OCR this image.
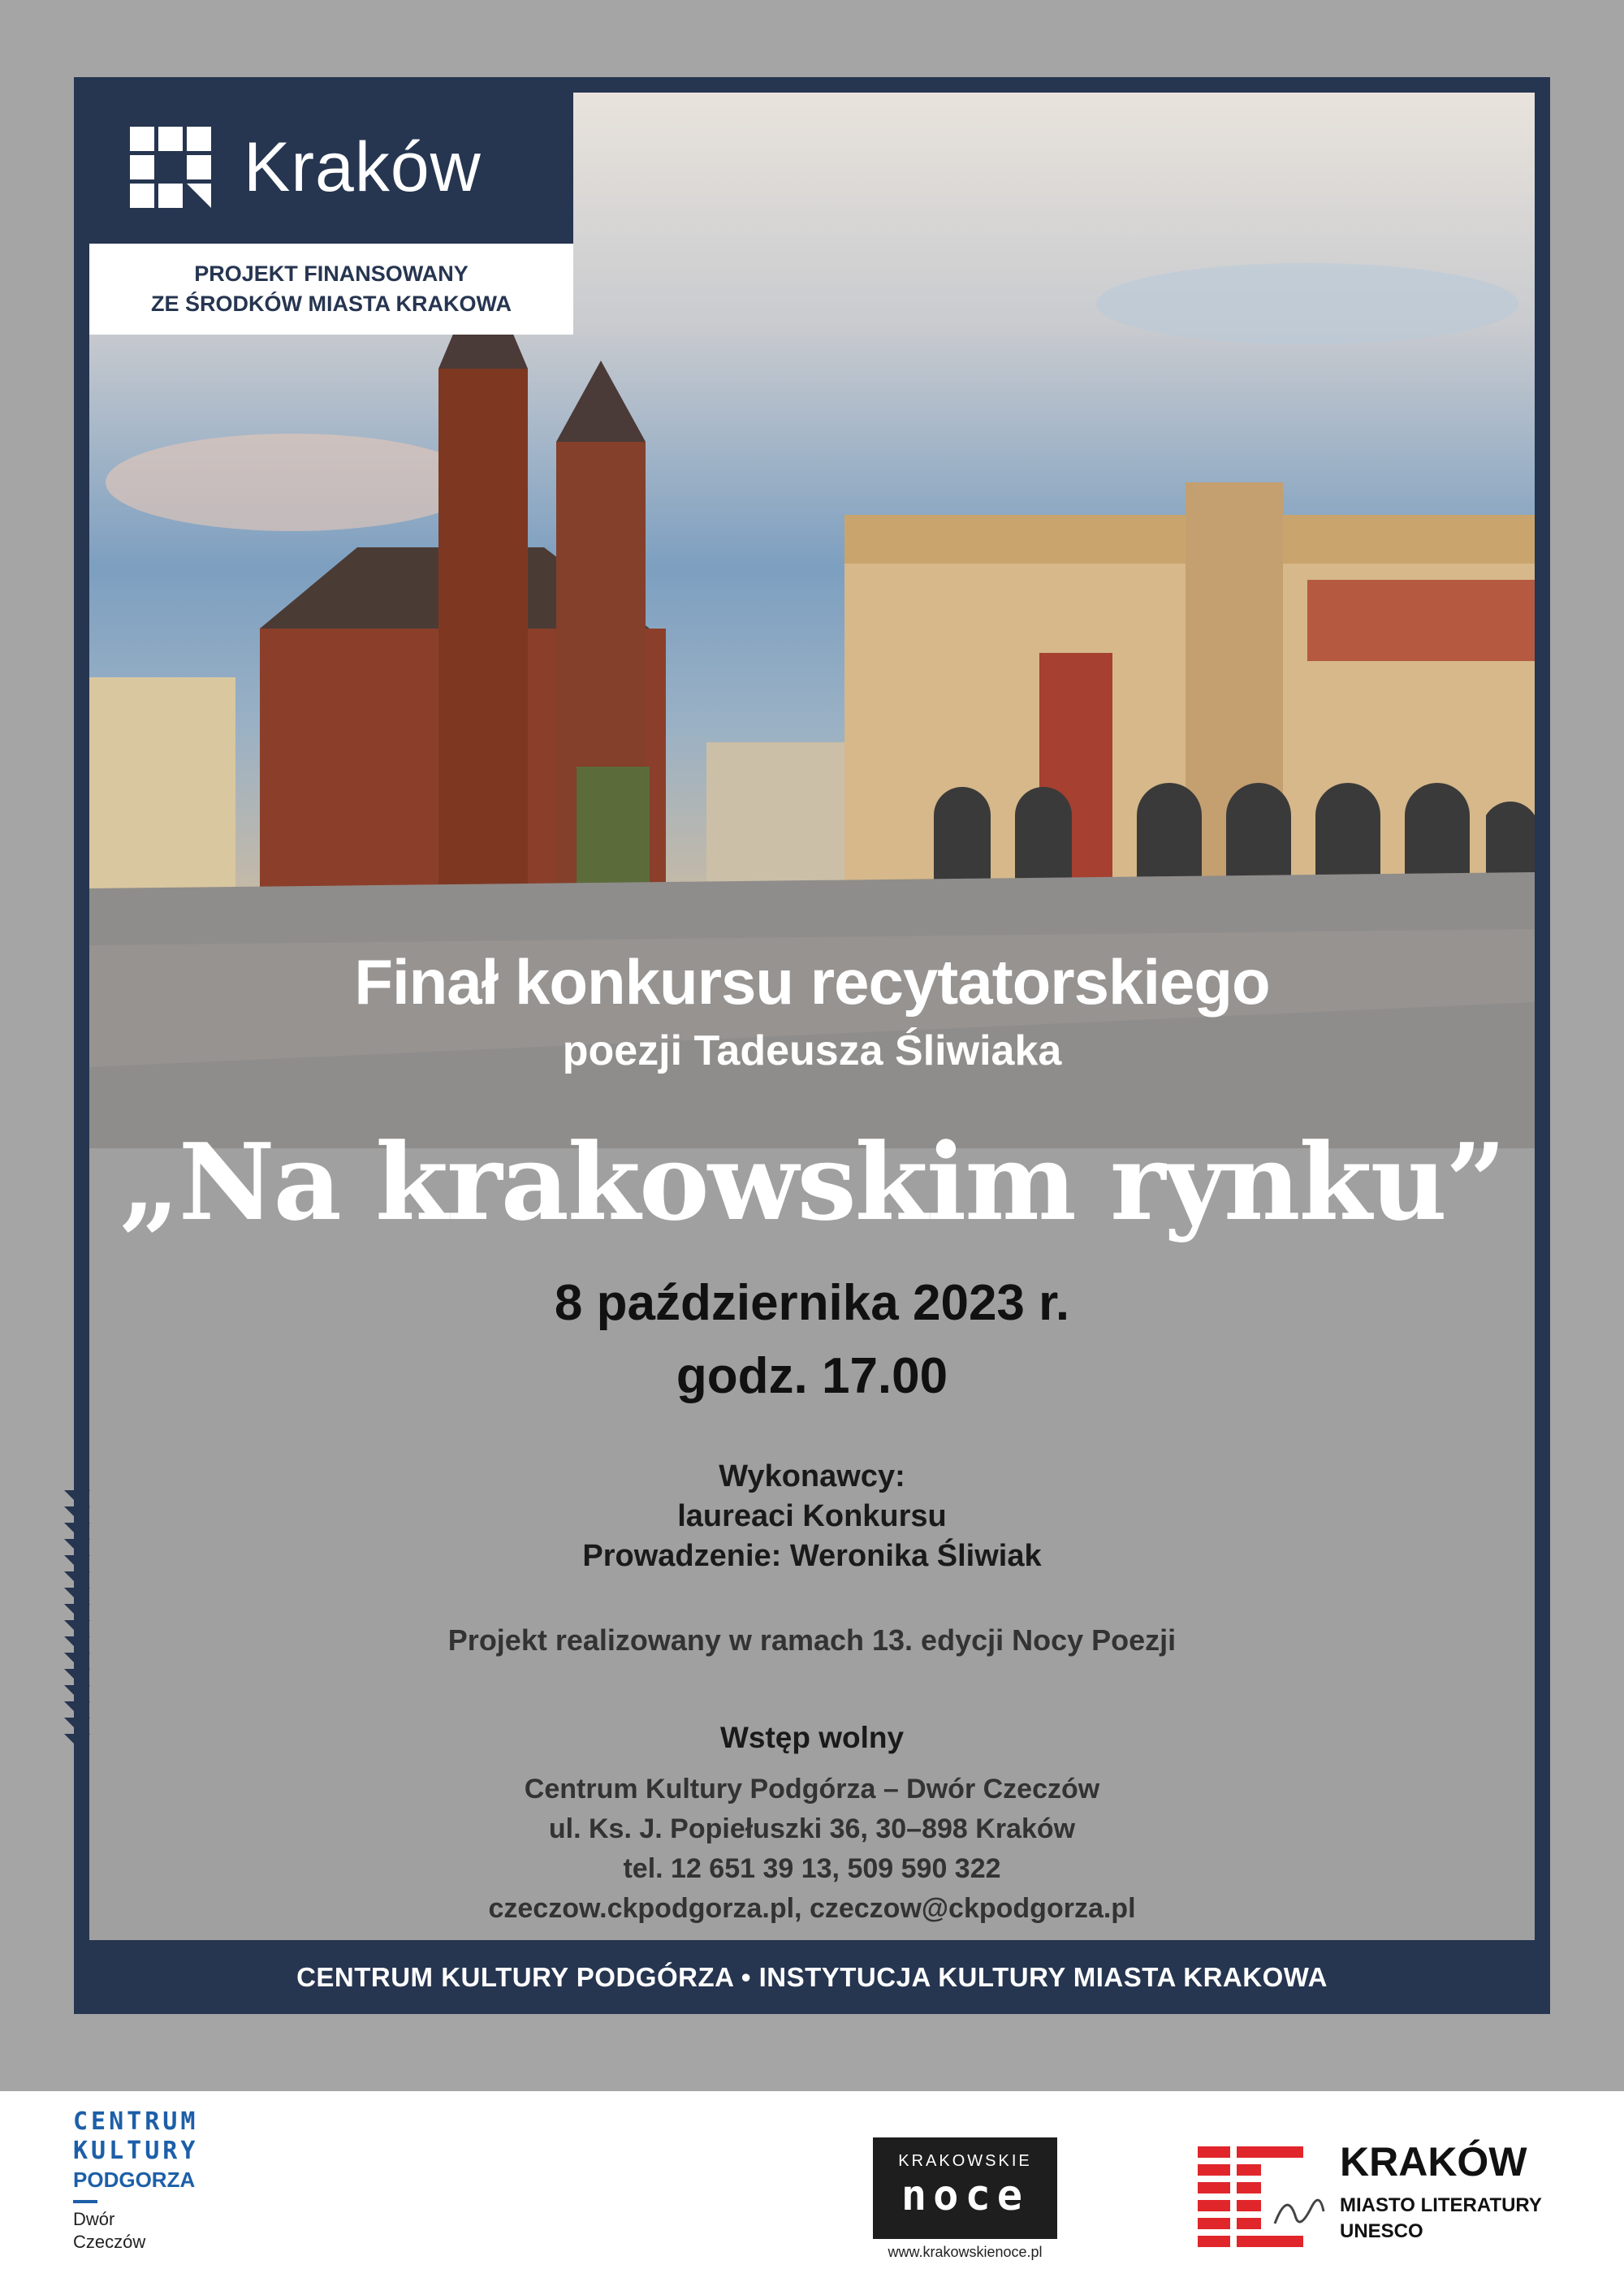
Kraków
PROJEKT FINANSOWANY
ZE ŚRODKÓW MIASTA KRAKOWA
Finał konkursu recytatorskiego
poezji Tadeusza Śliwiaka
„Na krakowskim rynku”
8 października 2023 r.
godz. 17.00
Wykonawcy:
laureaci Konkursu
Prowadzenie: Weronika Śliwiak
Projekt realizowany w ramach 13. edycji Nocy Poezji
Wstęp wolny
Centrum Kultury Podgórza – Dwór Czeczów
ul. Ks. J. Popiełuszki 36, 30–898 Kraków
tel. 12 651 39 13, 509 590 322
czeczow.ckpodgorza.pl, czeczow@ckpodgorza.pl
CENTRUM KULTURY PODGÓRZA • INSTYTUCJA KULTURY MIASTA KRAKOWA
CENTRUM
KULTURY
PODGORZA
Dwór
Czeczów
KRAKOWSKIE
noce
www.krakowskienoce.pl
KRAKÓW
MIASTO LITERATURY
UNESCO
